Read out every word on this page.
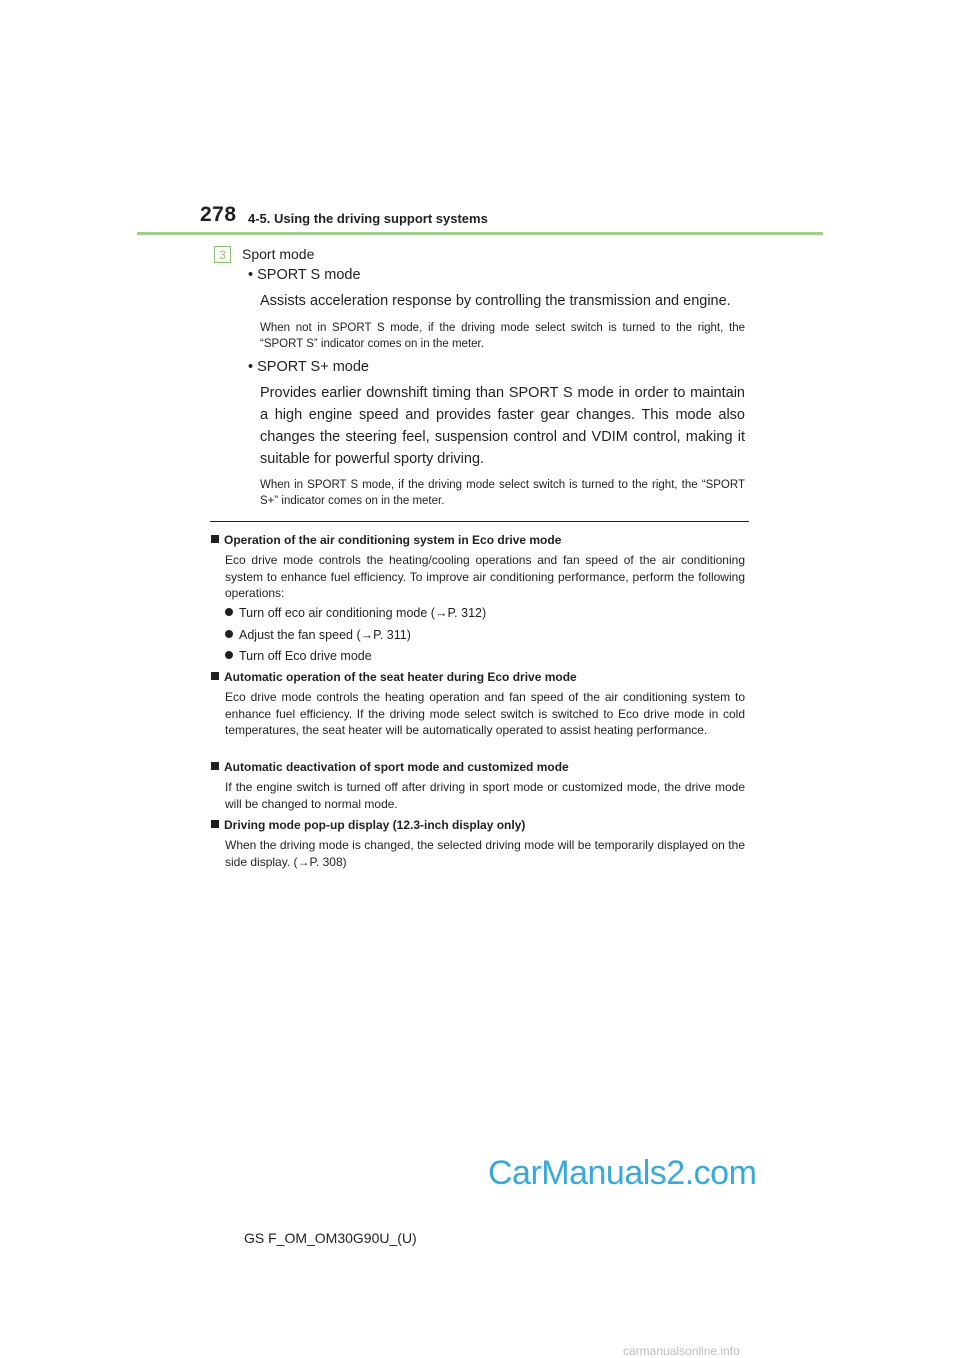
278 4-5. Using the driving support systems
3	Sport mode
• SPORT S mode
Assists acceleration response by controlling the transmission and engine.
When not in SPORT S mode, if the driving mode select switch is turned to the right, the “SPORT S” indicator comes on in the meter.
• SPORT S+ mode
Provides earlier downshift timing than SPORT S mode in order to maintain a high engine speed and provides faster gear changes. This mode also changes the steering feel, suspension control and VDIM control, making it suitable for powerful sporty driving.
When in SPORT S mode, if the driving mode select switch is turned to the right, the “SPORT S+” indicator comes on in the meter.
Operation of the air conditioning system in Eco drive mode
Eco drive mode controls the heating/cooling operations and fan speed of the air conditioning system to enhance fuel efficiency. To improve air conditioning performance, perform the following operations:
Turn off eco air conditioning mode (→P. 312)
Adjust the fan speed (→P. 311)
Turn off Eco drive mode
Automatic operation of the seat heater during Eco drive mode
Eco drive mode controls the heating operation and fan speed of the air conditioning system to enhance fuel efficiency. If the driving mode select switch is switched to Eco drive mode in cold temperatures, the seat heater will be automatically operated to assist heating performance.
Automatic deactivation of sport mode and customized mode
If the engine switch is turned off after driving in sport mode or customized mode, the drive mode will be changed to normal mode.
Driving mode pop-up display (12.3-inch display only)
When the driving mode is changed, the selected driving mode will be temporarily displayed on the side display. (→P. 308)
CarManuals2.com
GS F_OM_OM30G90U_(U)
carmanualsonline.info
